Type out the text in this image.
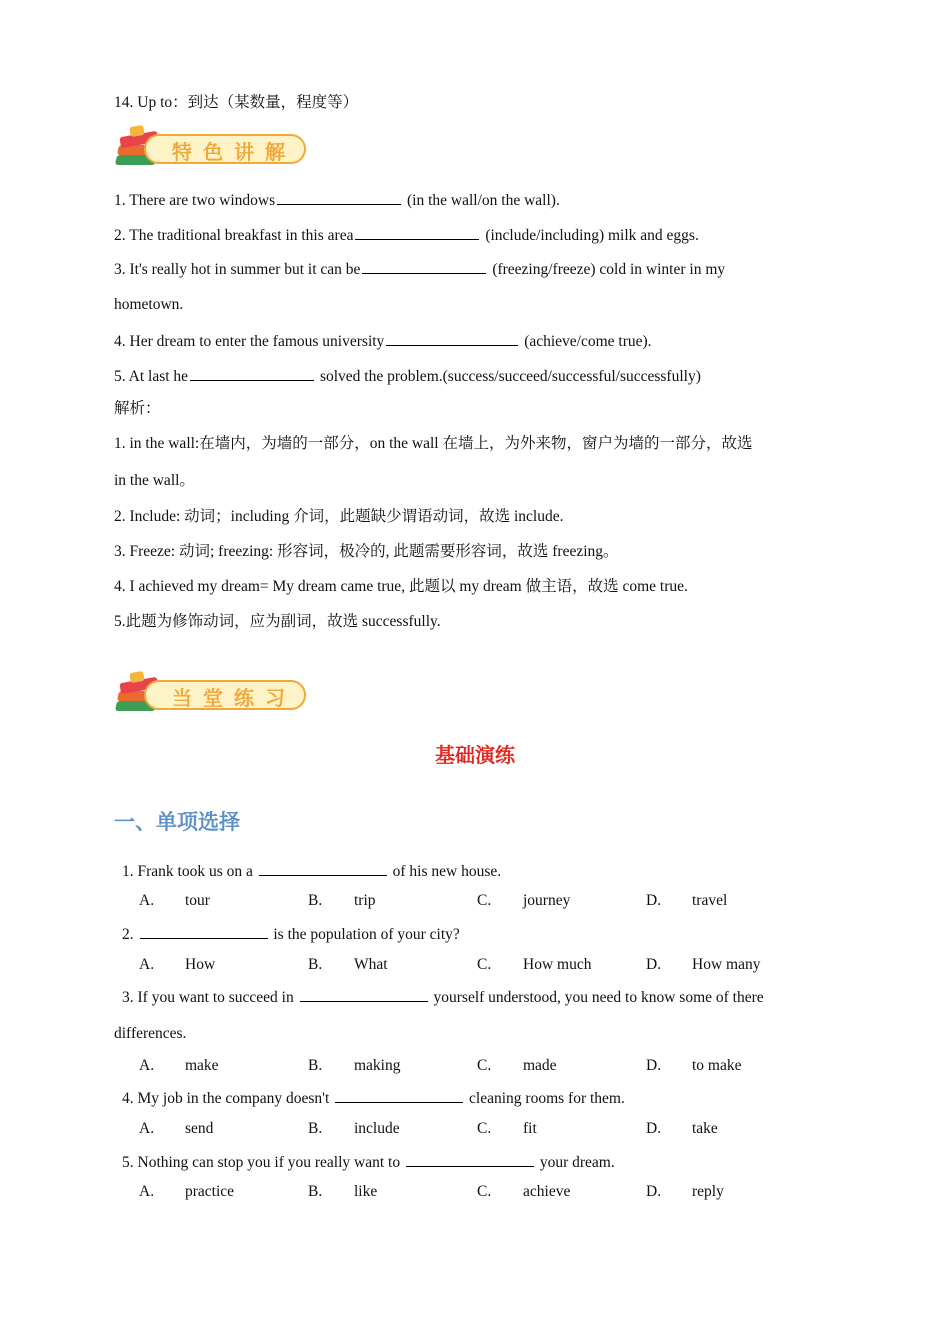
14. Up to：到达（某数量，程度等）
特色讲解
1. There are two windows	(in the wall/on the wall).
2. The traditional breakfast in this area	(include/including) milk and eggs.
3. It's really hot in summer but it can be	(freezing/freeze) cold in winter in my
hometown.
4. Her dream to enter the famous university	(achieve/come true).
5. At last he	solved the problem.(success/succeed/successful/successfully)
解析：
1. in the wall:在墙内，为墙的一部分，on the wall 在墙上，为外来物，窗户为墙的一部分，故选
in the wall。
2. Include: 动词；including 介词，此题缺少谓语动词，故选 include.
3. Freeze: 动词; freezing: 形容词，极冷的, 此题需要形容词，故选 freezing。
4. I achieved my dream= My dream came true, 此题以 my dream 做主语，故选 come true.
5.此题为修饰动词，应为副词，故选 successfully.
当堂练习
基础演练
一、单项选择
1. Frank took us on a	of his new house.
A. tour	B. trip	C. journey	D. travel
2.	is the population of your city?
A. How	B. What	C. How much	D. How many
3. If you want to succeed in	yourself understood, you need to know some of there
differences.
A. make	B. making	C. made	D. to make
4. My job in the company doesn't	cleaning rooms for them.
A. send	B. include	C. fit	D. take
5. Nothing can stop you if you really want to	your dream.
A. practice	B. like	C. achieve	D. reply
